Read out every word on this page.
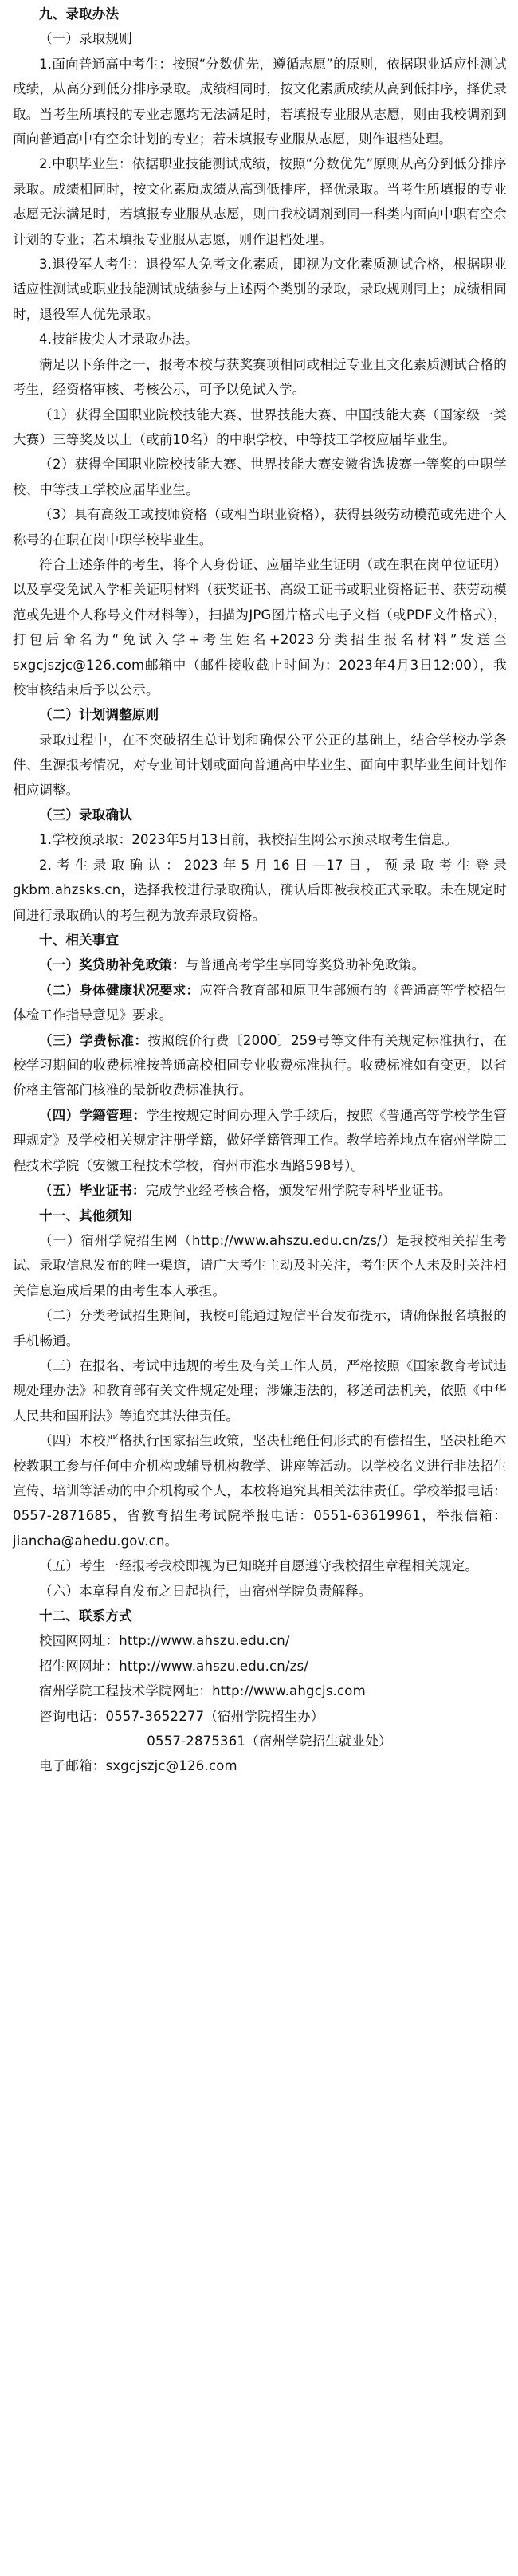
九、录取办法

（一）录取规则

1.面向普通高中考生：按照“分数优先，遵循志愿”的原则，依据职业适应性测试成绩，从高分到低分排序录取。成绩相同时，按文化素质成绩从高到低排序，择优录取。当考生所填报的专业志愿均无法满足时，若填报专业服从志愿，则由我校调剂到面向普通高中有空余计划的专业；若未填报专业服从志愿，则作退档处理。

2.中职毕业生：依据职业技能测试成绩，按照“分数优先”原则从高分到低分排序录取。成绩相同时，按文化素质成绩从高到低排序，择优录取。当考生所填报的专业志愿无法满足时，若填报专业服从志愿，则由我校调剂到同一科类内面向中职有空余计划的专业；若未填报专业服从志愿，则作退档处理。

3.退役军人考生：退役军人免考文化素质，即视为文化素质测试合格，根据职业适应性测试或职业技能测试成绩参与上述两个类别的录取，录取规则同上；成绩相同时，退役军人优先录取。

4.技能拔尖人才录取办法。

满足以下条件之一，报考本校与获奖赛项相同或相近专业且文化素质测试合格的考生，经资格审核、考核公示，可予以免试入学。

（1）获得全国职业院校技能大赛、世界技能大赛、中国技能大赛（国家级一类大赛）三等奖及以上（或前10名）的中职学校、中等技工学校应届毕业生。

（2）获得全国职业院校技能大赛、世界技能大赛安徽省选拔赛一等奖的中职学校、中等技工学校应届毕业生。

（3）具有高级工或技师资格（或相当职业资格），获得县级劳动模范或先进个人称号的在职在岗中职学校毕业生。

符合上述条件的考生，将个人身份证、应届毕业生证明（或在职在岗单位证明）以及享受免试入学相关证明材料（获奖证书、高级工证书或职业资格证书、获劳动模范或先进个人称号文件材料等），扫描为JPG图片格式电子文档（或PDF文件格式），打包后命名为“免试入学+考生姓名+2023分类招生报名材料”发送至sxgcjszjc@126.com邮箱中（邮件接收截止时间为：2023年4月3日12:00），我校审核结束后予以公示。

（二）计划调整原则

录取过程中，在不突破招生总计划和确保公平公正的基础上，结合学校办学条件、生源报考情况，对专业间计划或面向普通高中毕业生、面向中职毕业生间计划作相应调整。

（三）录取确认

1.学校预录取：2023年5月13日前，我校招生网公示预录取考生信息。

2.考生录取确认：2023年5月16日—17日，预录取考生登录gkbm.ahzsks.cn，选择我校进行录取确认，确认后即被我校正式录取。未在规定时间进行录取确认的考生视为放弃录取资格。

十、相关事宜

（一）奖贷助补免政策：与普通高考学生享同等奖贷助补免政策。

（二）身体健康状况要求：应符合教育部和原卫生部颁布的《普通高等学校招生体检工作指导意见》要求。

（三）学费标准：按照皖价行费〔2000〕259号等文件有关规定标准执行，在校学习期间的收费标准按普通高校相同专业收费标准执行。收费标准如有变更，以省价格主管部门核准的最新收费标准执行。

（四）学籍管理：学生按规定时间办理入学手续后，按照《普通高等学校学生管理规定》及学校相关规定注册学籍，做好学籍管理工作。教学培养地点在宿州学院工程技术学院（安徽工程技术学校，宿州市淮水西路598号）。

（五）毕业证书：完成学业经考核合格，颁发宿州学院专科毕业证书。

十一、其他须知

（一）宿州学院招生网（http://www.ahszu.edu.cn/zs/）是我校相关招生考试、录取信息发布的唯一渠道，请广大考生主动及时关注，考生因个人未及时关注相关信息造成后果的由考生本人承担。

（二）分类考试招生期间，我校可能通过短信平台发布提示，请确保报名填报的手机畅通。

（三）在报名、考试中违规的考生及有关工作人员，严格按照《国家教育考试违规处理办法》和教育部有关文件规定处理；涉嫌违法的，移送司法机关，依照《中华人民共和国刑法》等追究其法律责任。

（四）本校严格执行国家招生政策，坚决杜绝任何形式的有偿招生，坚决杜绝本校教职工参与任何中介机构或辅导机构教学、讲座等活动。以学校名义进行非法招生宣传、培训等活动的中介机构或个人，本校将追究其相关法律责任。学校举报电话：0557-2871685，省教育招生考试院举报电话：0551-63619961，举报信箱：jiancha@ahedu.gov.cn。

（五）考生一经报考我校即视为已知晓并自愿遵守我校招生章程相关规定。

（六）本章程自发布之日起执行，由宿州学院负责解释。

十二、联系方式

校园网网址：http://www.ahszu.edu.cn/

招生网网址：http://www.ahszu.edu.cn/zs/

宿州学院工程技术学院网址：http://www.ahgcjs.com

咨询电话：0557-3652277（宿州学院招生办）

0557-2875361（宿州学院招生就业处）

电子邮箱：sxgcjszjc@126.com
